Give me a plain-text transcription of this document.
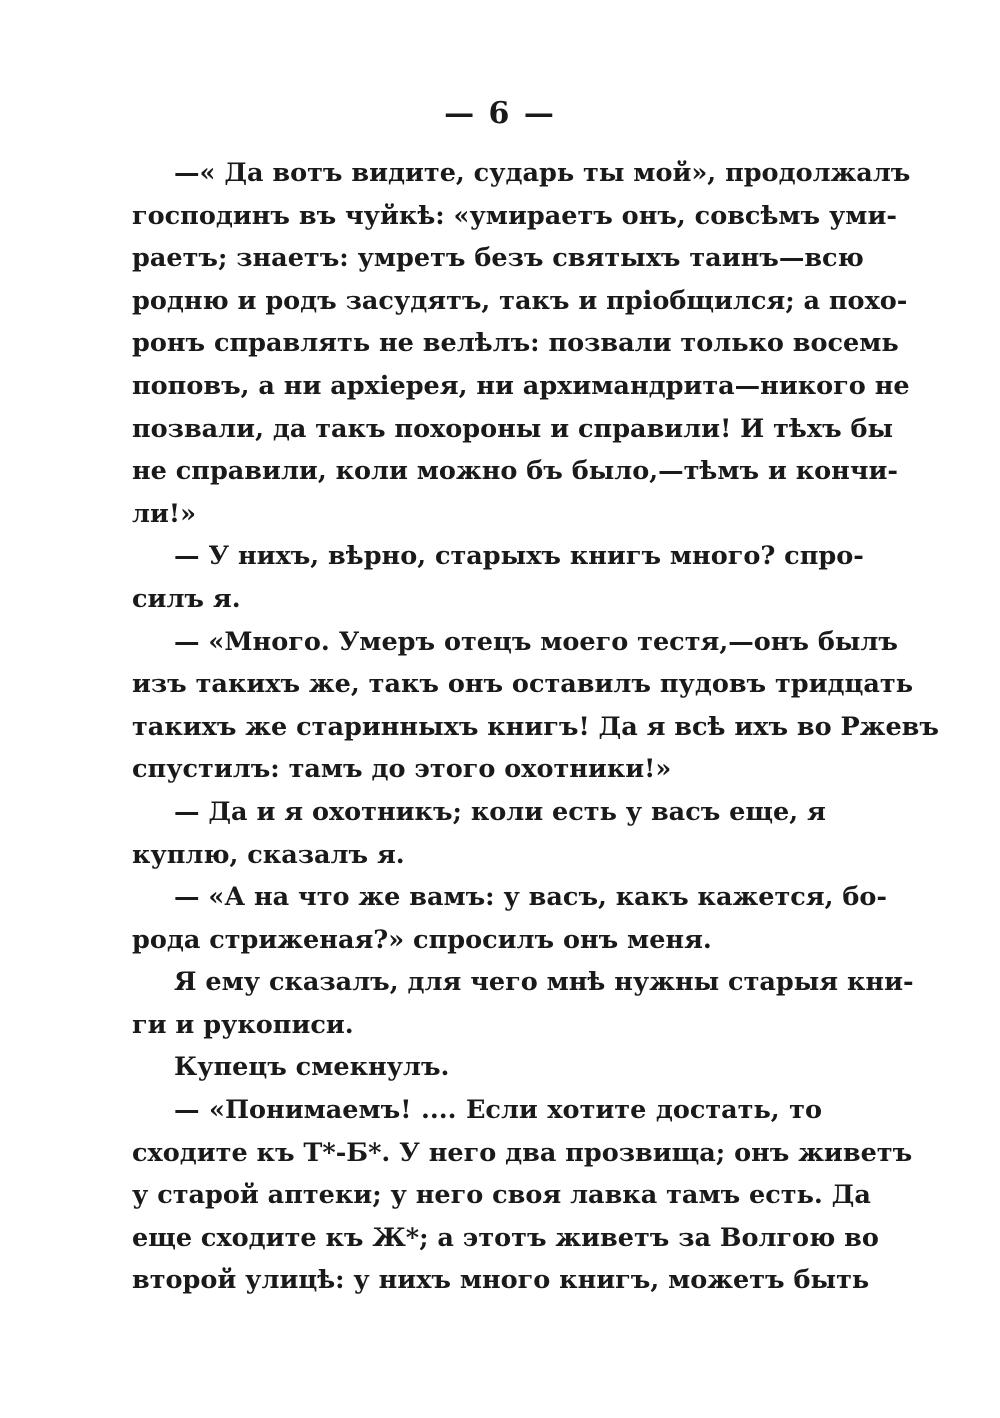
— 6 —
—« Да вотъ видите, сударь ты мой», продолжалъ
господинъ въ чуйкѣ: «умираетъ онъ, совсѣмъ уми-
раетъ; знаетъ: умретъ безъ святыхъ таинъ—всю
родню и родъ засудятъ, такъ и пріобщился; а похо-
ронъ справлять не велѣлъ: позвали только восемь
поповъ, а ни архіерея, ни архимандрита—никого не
позвали, да такъ похороны и справили! И тѣхъ бы
не справили, коли можно бъ было,—тѣмъ и кончи-
ли!»
— У нихъ, вѣрно, старыхъ книгъ много? спро-
силъ я.
— «Много. Умеръ отецъ моего тестя,—онъ былъ
изъ такихъ же, такъ онъ оставилъ пудовъ тридцать
такихъ же старинныхъ книгъ! Да я всѣ ихъ во Ржевъ
спустилъ: тамъ до этого охотники!»
— Да и я охотникъ; коли есть у васъ еще, я
куплю, сказалъ я.
— «А на что же вамъ: у васъ, какъ кажется, бо-
рода стриженая?» спросилъ онъ меня.
Я ему сказалъ, для чего мнѣ нужны старыя кни-
ги и рукописи.
Купецъ смекнулъ.
— «Понимаемъ! .... Если хотите достать, то
сходите къ Т*-Б*. У него два прозвища; онъ живетъ
у старой аптеки; у него своя лавка тамъ есть. Да
еще сходите къ Ж*; а этотъ живетъ за Волгою во
второй улицѣ: у нихъ много книгъ, можетъ быть
